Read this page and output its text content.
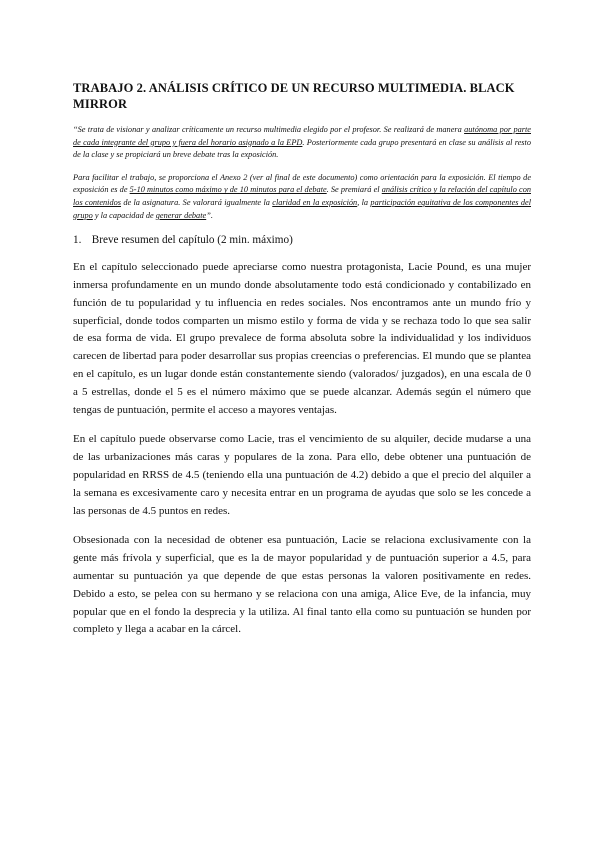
TRABAJO 2. ANÁLISIS CRÍTICO DE UN RECURSO MULTIMEDIA. BLACK MIRROR

“Se trata de visionar y analizar críticamente un recurso multimedia elegido por el profesor. Se realizará de manera autónoma por parte de cada integrante del grupo y fuera del horario asignado a la EPD. Posteriormente cada grupo presentará en clase su análisis al resto de la clase y se propiciará un breve debate tras la exposición.

Para facilitar el trabajo, se proporciona el Anexo 2 (ver al final de este documento) como orientación para la exposición. El tiempo de exposición es de 5-10 minutos como máximo y de 10 minutos para el debate. Se premiará el análisis crítico y la relación del capítulo con los contenidos de la asignatura. Se valorará igualmente la claridad en la exposición, la participación equitativa de los componentes del grupo y la capacidad de generar debate”.

1. Breve resumen del capítulo (2 min. máximo)

En el capítulo seleccionado puede apreciarse como nuestra protagonista, Lacie Pound, es una mujer inmersa profundamente en un mundo donde absolutamente todo está condicionado y contabilizado en función de tu popularidad y tu influencia en redes sociales. Nos encontramos ante un mundo frío y superficial, donde todos comparten un mismo estilo y forma de vida y se rechaza todo lo que sea salir de esa forma de vida. El grupo prevalece de forma absoluta sobre la individualidad y los individuos carecen de libertad para poder desarrollar sus propias creencias o preferencias. El mundo que se plantea en el capítulo, es un lugar donde están constantemente siendo (valorados/ juzgados), en una escala de 0 a 5 estrellas, donde el 5 es el número máximo que se puede alcanzar. Además según el número que tengas de puntuación, permite el acceso a mayores ventajas.

En el capítulo puede observarse como Lacie, tras el vencimiento de su alquiler, decide mudarse a una de las urbanizaciones más caras y populares de la zona. Para ello, debe obtener una puntuación de popularidad en RRSS de 4.5 (teniendo ella una puntuación de 4.2) debido a que el precio del alquiler a la semana es excesivamente caro y necesita entrar en un programa de ayudas que solo se les concede a las personas de 4.5 puntos en redes.

Obsesionada con la necesidad de obtener esa puntuación, Lacie se relaciona exclusivamente con la gente más frívola y superficial, que es la de mayor popularidad y de puntuación superior a 4.5, para aumentar su puntuación ya que depende de que estas personas la valoren positivamente en redes. Debido a esto, se pelea con su hermano y se relaciona con una amiga, Alice Eve, de la infancia, muy popular que en el fondo la desprecia y la utiliza. Al final tanto ella como su puntuación se hunden por completo y llega a acabar en la cárcel.
